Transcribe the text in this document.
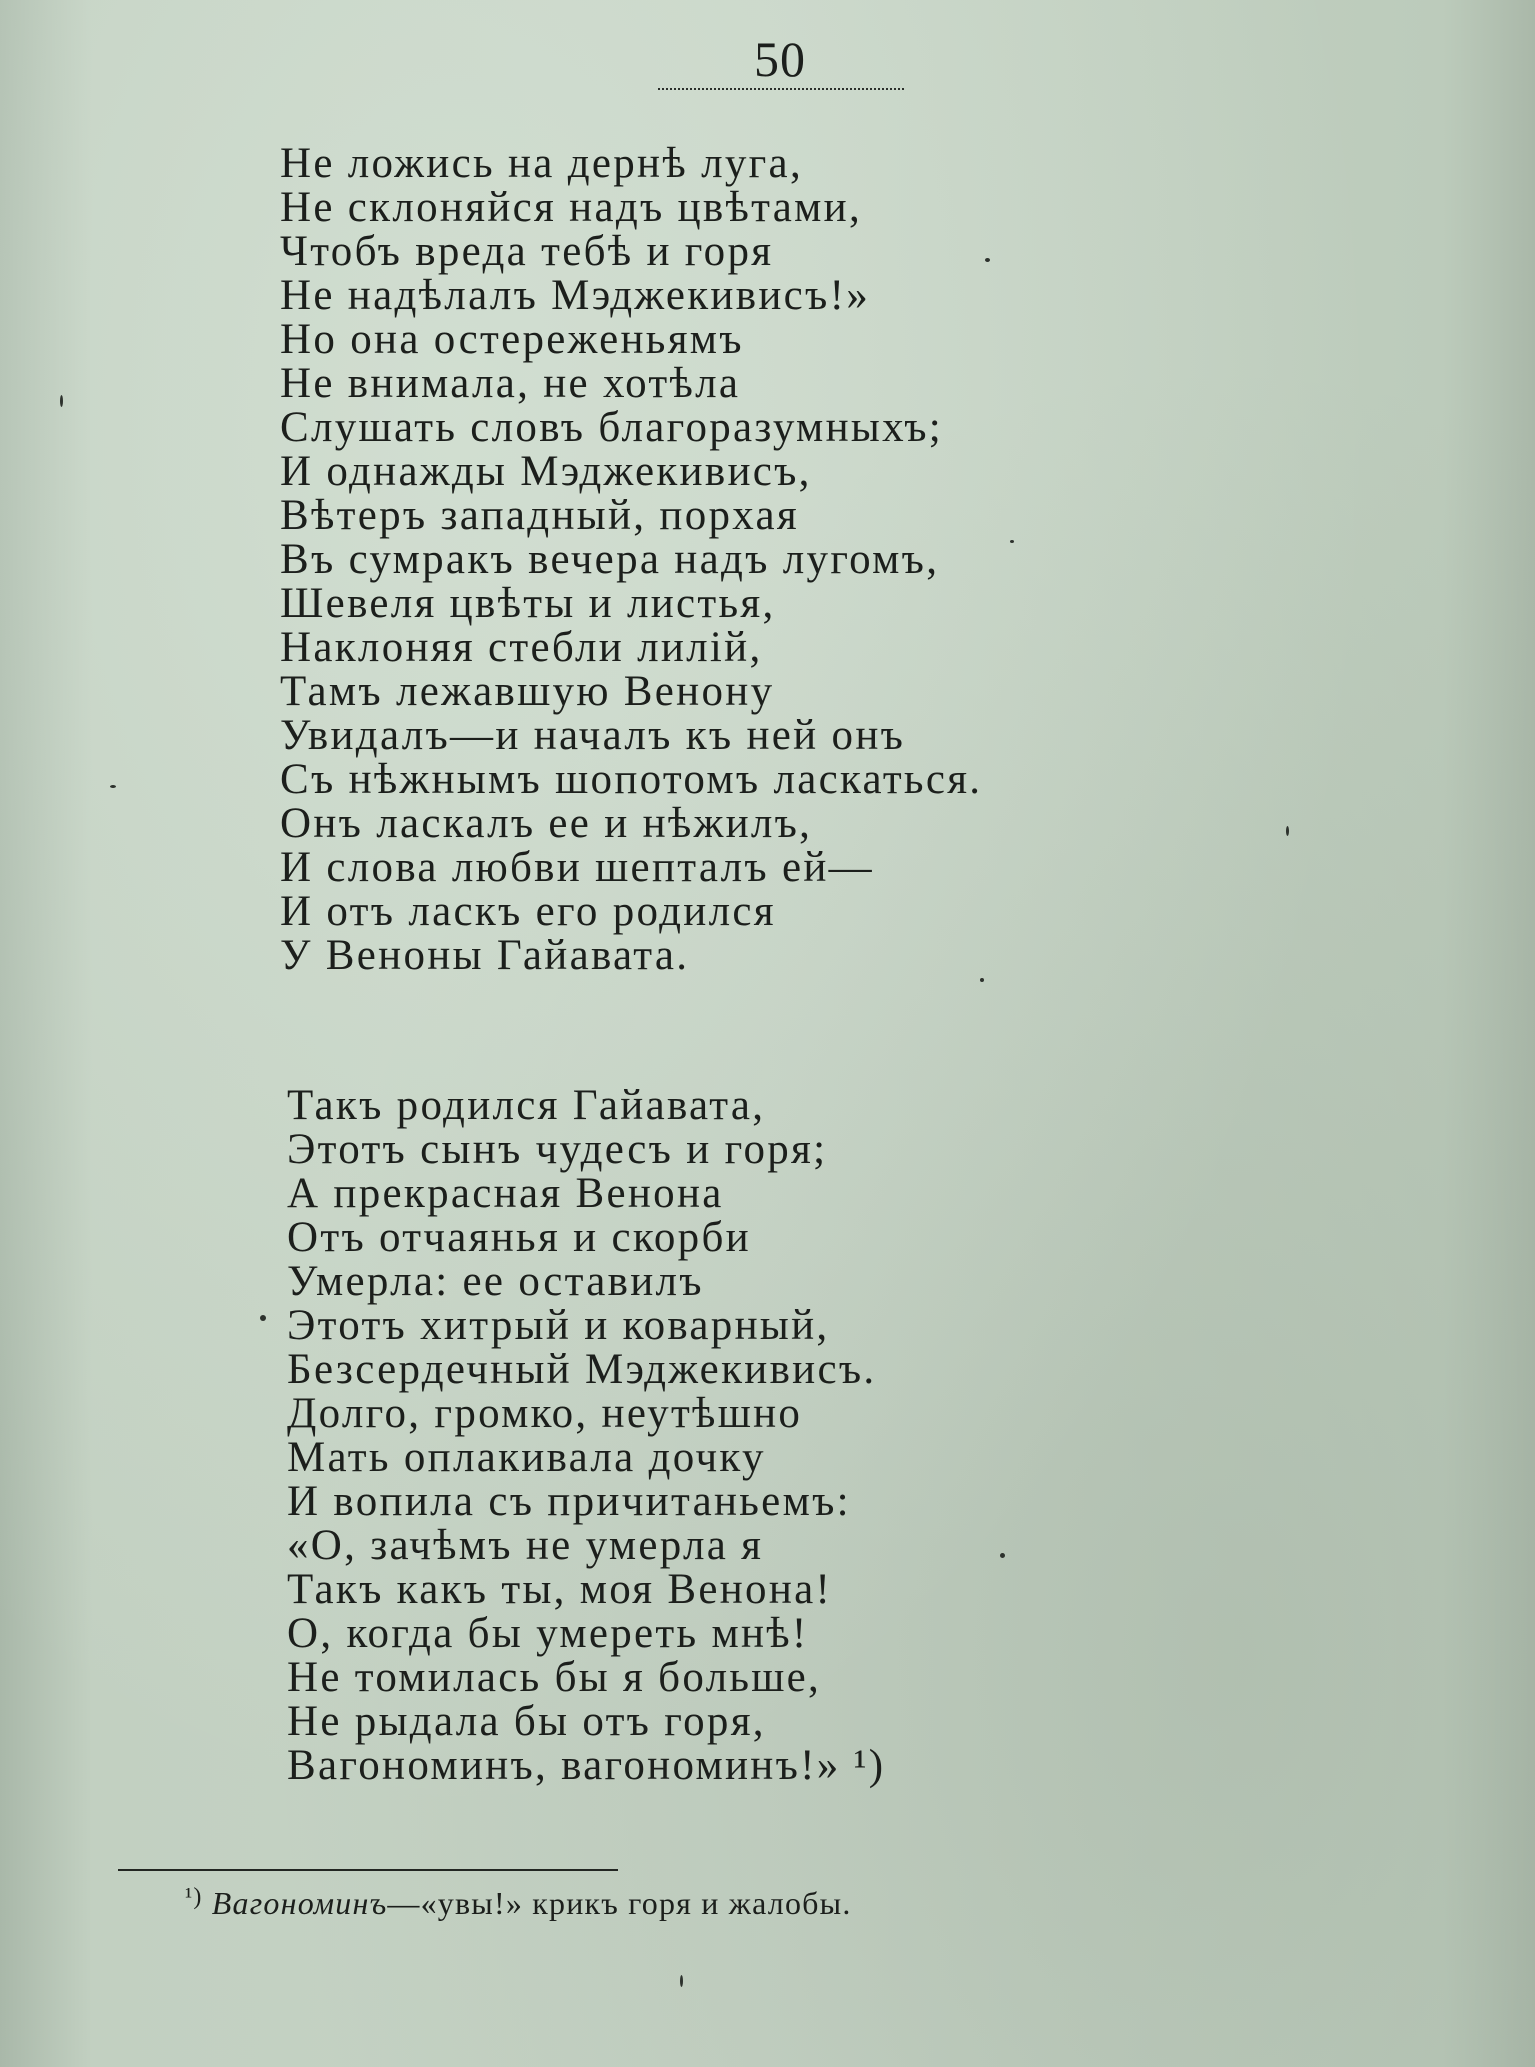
50
Не ложись на дернѣ луга,
Не склоняйся надъ цвѣтами,
Чтобъ вреда тебѣ и горя
Не надѣлалъ Мэджекивисъ!»
Но она остереженьямъ
Не внимала, не хотѣла
Слушать словъ благоразумныхъ;
И однажды Мэджекивисъ,
Вѣтеръ западный, порхая
Въ сумракъ вечера надъ лугомъ,
Шевеля цвѣты и листья,
Наклоняя стебли лилій,
Тамъ лежавшую Венону
Увидалъ—и началъ къ ней онъ
Съ нѣжнымъ шопотомъ ласкаться.
Онъ ласкалъ ее и нѣжилъ,
И слова любви шепталъ ей—
И отъ ласкъ его родился
У Веноны Гайавата.
Такъ родился Гайавата,
Этотъ сынъ чудесъ и горя;
А прекрасная Венона
Отъ отчаянья и скорби
Умерла: ее оставилъ
Этотъ хитрый и коварный,
Безсердечный Мэджекивисъ.
Долго, громко, неутѣшно
Мать оплакивала дочку
И вопила съ причитаньемъ:
«О, зачѣмъ не умерла я
Такъ какъ ты, моя Венона!
О, когда бы умереть мнѣ!
Не томилась бы я больше,
Не рыдала бы отъ горя,
Вагономинъ, вагономинъ!» ¹)
$^{^1)}$ Вагономинъ—«увы!» крикъ горя и жалобы.
